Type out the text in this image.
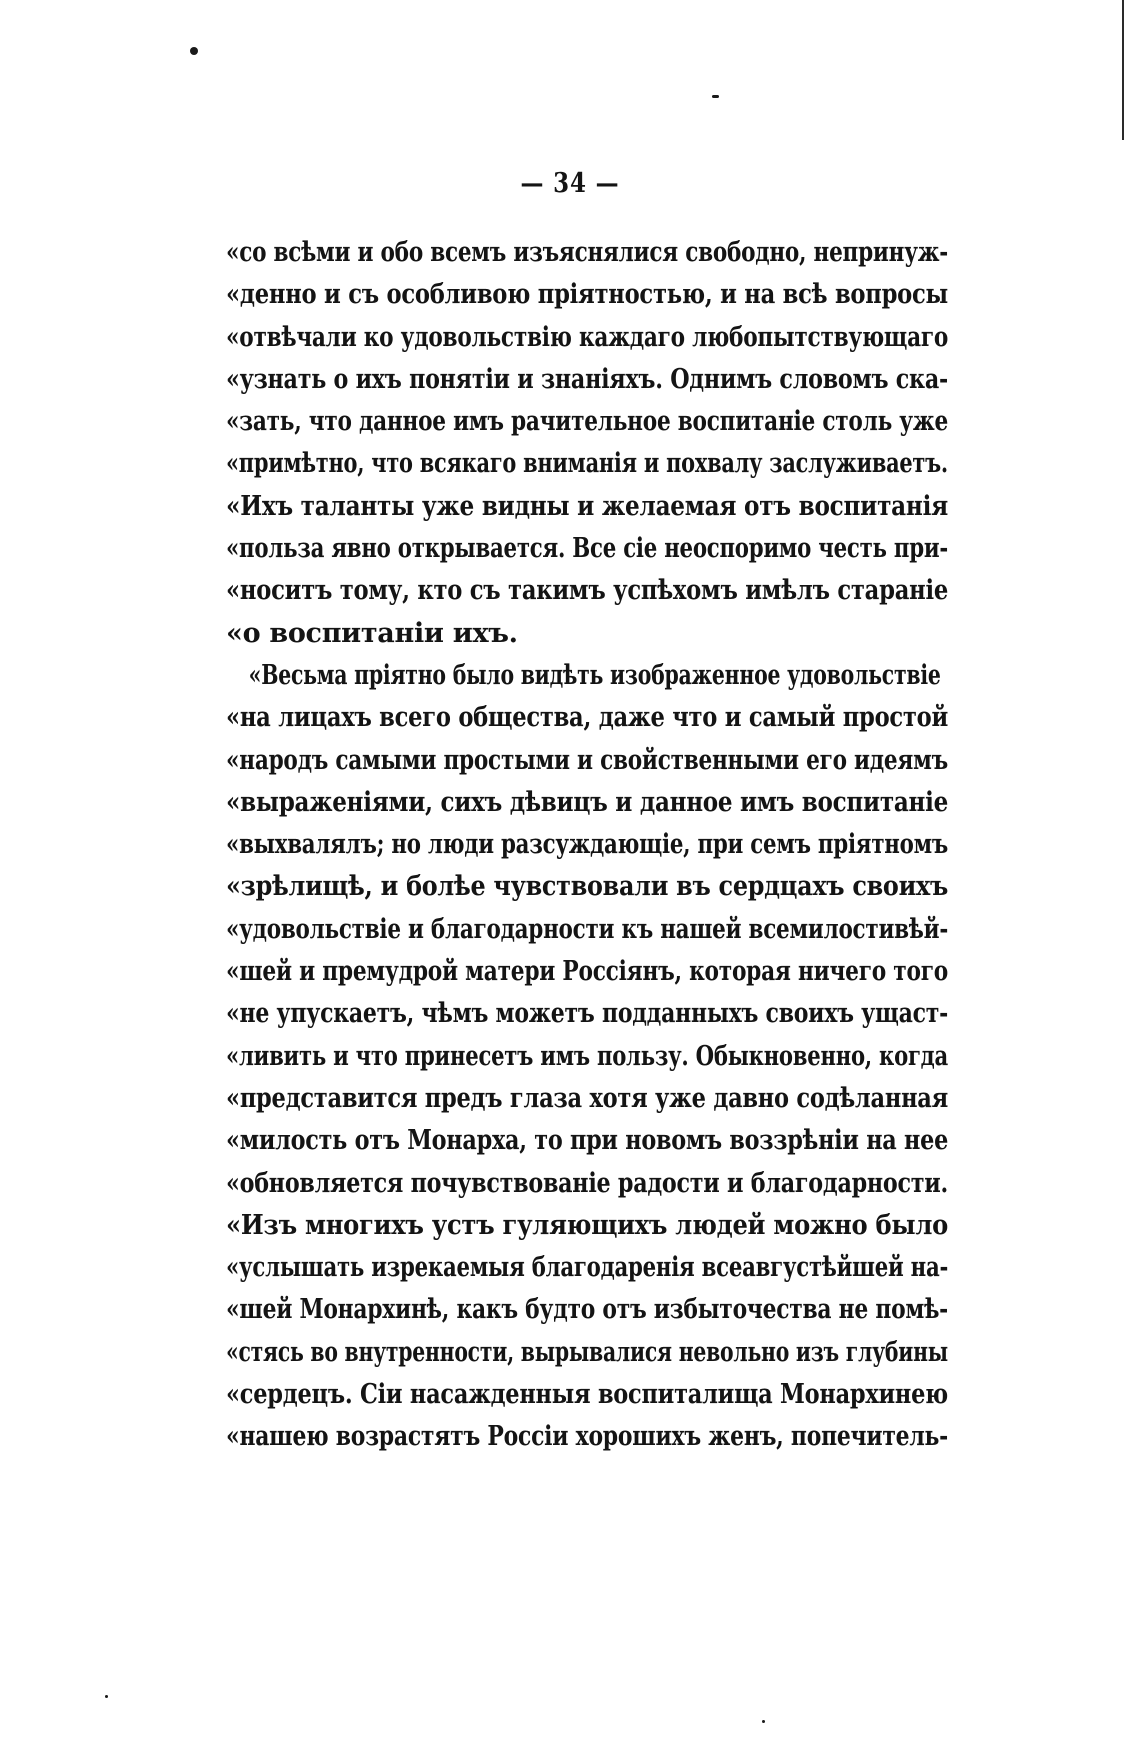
— 34 —
«со всѣми и обо всемъ изъяснялися свободно, непринуж-
«денно и съ особливою пріятностью, и на всѣ вопросы
«отвѣчали ко удовольствію каждаго любопытствующаго
«узнать о ихъ понятіи и знаніяхъ. Однимъ словомъ ска-
«зать, что данное имъ рачительное воспитаніе столь уже
«примѣтно, что всякаго вниманія и похвалу заслуживаетъ.
«Ихъ таланты уже видны и желаемая отъ воспитанія
«польза явно открывается. Все сіе неоспоримо честь при-
«носитъ тому, кто съ такимъ успѣхомъ имѣлъ стараніе
«о воспитаніи ихъ.
«Весьма пріятно было видѣть изображенное удовольствіе
«на лицахъ всего общества, даже что и самый простой
«народъ самыми простыми и свойственными его идеямъ
«выраженіями, сихъ дѣвицъ и данное имъ воспитаніе
«выхвалялъ; но люди разсуждающіе, при семъ пріятномъ
«зрѣлищѣ, и болѣе чувствовали въ сердцахъ своихъ
«удовольствіе и благодарности къ нашей всемилостивѣй-
«шей и премудрой матери Россіянъ, которая ничего того
«не упускаетъ, чѣмъ можетъ подданныхъ своихъ ущаст-
«ливить и что принесетъ имъ пользу. Обыкновенно, когда
«представится предъ глаза хотя уже давно содѣланная
«милость отъ Монарха, то при новомъ воззрѣніи на нее
«обновляется почувствованіе радости и благодарности.
«Изъ многихъ устъ гуляющихъ людей можно было
«услышать изрекаемыя благодаренія всеавгустѣйшей на-
«шей Монархинѣ, какъ будто отъ избыточества не помѣ-
«стясь во внутренности, вырывалися невольно изъ глубины
«сердецъ. Сіи насажденныя воспиталища Монархинею
«нашею возрастятъ Россіи хорошихъ женъ, попечитель-
